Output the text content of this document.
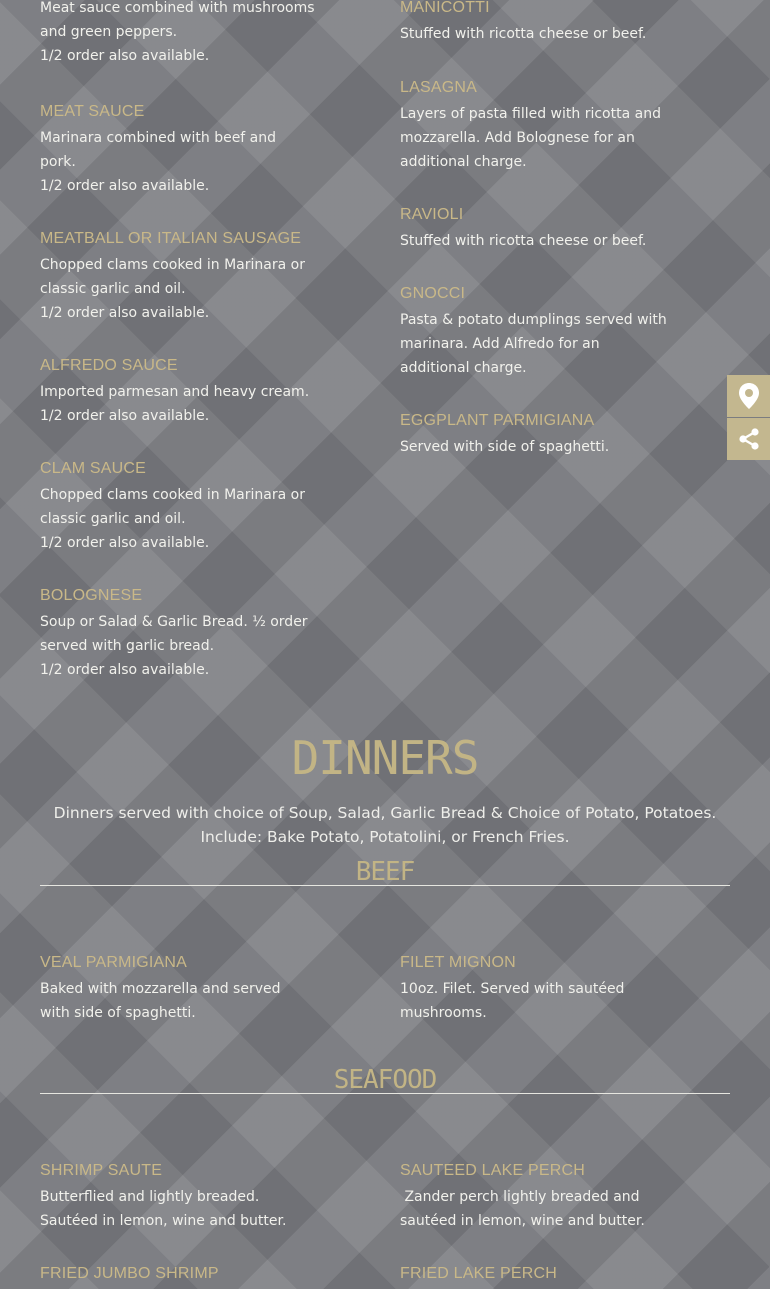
Meat sauce combined with mushrooms and green peppers.
1/2 order also available.
MEAT SAUCE
Marinara combined with beef and pork.
1/2 order also available.
MEATBALL OR ITALIAN SAUSAGE
Chopped clams cooked in Marinara or classic garlic and oil.
1/2 order also available.
ALFREDO SAUCE
Imported parmesan and heavy cream.
1/2 order also available.
CLAM SAUCE
Chopped clams cooked in Marinara or classic garlic and oil.
1/2 order also available.
BOLOGNESE
Soup or Salad & Garlic Bread. ½ order served with garlic bread.
1/2 order also available.
MANICOTTI
Stuffed with ricotta cheese or beef.
LASAGNA
Layers of pasta filled with ricotta and mozzarella. Add Bolognese for an additional charge.
RAVIOLI
Stuffed with ricotta cheese or beef.
GNOCCI
Pasta & potato dumplings served with marinara. Add Alfredo for an additional charge.
EGGPLANT PARMIGIANA
Served with side of spaghetti.
DINNERS
Dinners served with choice of Soup, Salad, Garlic Bread & Choice of Potato, Potatoes.
Include: Bake Potato, Potatolini, or French Fries.
BEEF
VEAL PARMIGIANA
Baked with mozzarella and served with side of spaghetti.
FILET MIGNON
10oz. Filet. Served with sautéed mushrooms.
SEAFOOD
SHRIMP SAUTE
Butterflied and lightly breaded. Sautéed in lemon, wine and butter.
SAUTEED LAKE PERCH
Zander perch lightly breaded and sautéed in lemon, wine and butter.
FRIED JUMBO SHRIMP	FRIED LAKE PERCH
